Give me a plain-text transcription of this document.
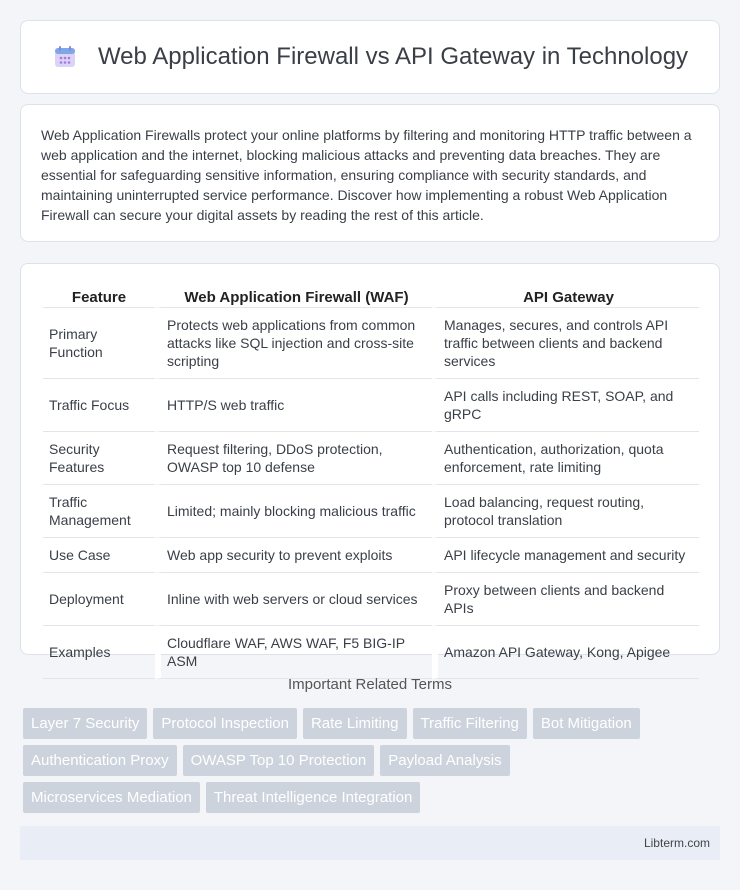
Web Application Firewall vs API Gateway in Technology

Web Application Firewalls protect your online platforms by filtering and monitoring HTTP traffic between a web application and the internet, blocking malicious attacks and preventing data breaches. They are essential for safeguarding sensitive information, ensuring compliance with security standards, and maintaining uninterrupted service performance. Discover how implementing a robust Web Application Firewall can secure your digital assets by reading the rest of this article.

Feature	Web Application Firewall (WAF)	API Gateway
Primary Function	Protects web applications from common attacks like SQL injection and cross-site scripting	Manages, secures, and controls API traffic between clients and backend services
Traffic Focus	HTTP/S web traffic	API calls including REST, SOAP, and gRPC
Security Features	Request filtering, DDoS protection, OWASP top 10 defense	Authentication, authorization, quota enforcement, rate limiting
Traffic Management	Limited; mainly blocking malicious traffic	Load balancing, request routing, protocol translation
Use Case	Web app security to prevent exploits	API lifecycle management and security
Deployment	Inline with web servers or cloud services	Proxy between clients and backend APIs
Examples	Cloudflare WAF, AWS WAF, F5 BIG-IP ASM	Amazon API Gateway, Kong, Apigee
Important Related Terms
Layer 7 Security	Protocol Inspection	Rate Limiting	Traffic Filtering	Bot Mitigation
Authentication Proxy	OWASP Top 10 Protection	Payload Analysis
Microservices Mediation	Threat Intelligence Integration
Libterm.com
